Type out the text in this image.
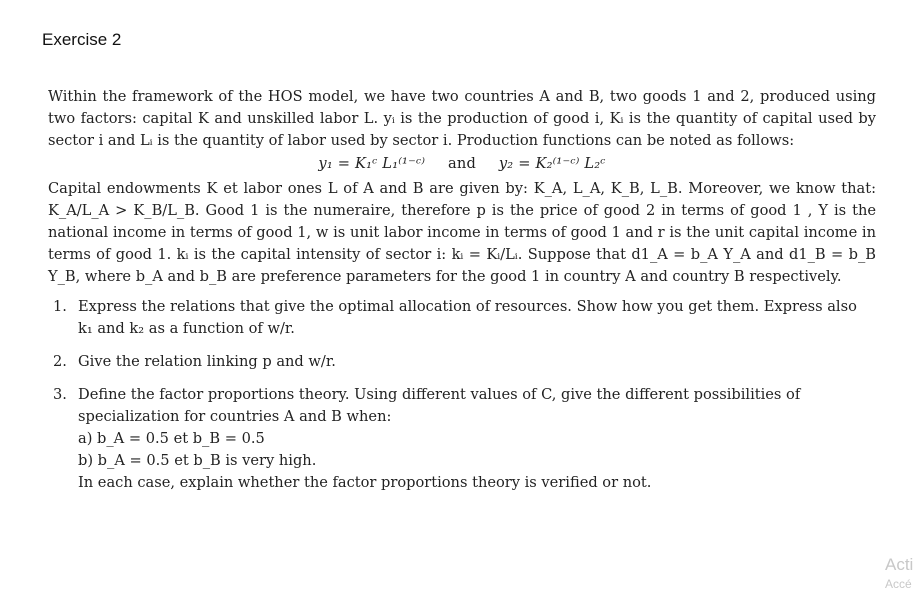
Exercise 2

Within the framework of the HOS model, we have two countries A and B, two goods 1 and 2, produced using two factors: capital K and unskilled labor L. yᵢ is the production of good i, Kᵢ is the quantity of capital used by sector i and Lᵢ is the quantity of labor used by sector i. Production functions can be noted as follows:

y₁ = K₁ᶜ L₁⁽¹⁻ᶜ⁾ and y₂ = K₂⁽¹⁻ᶜ⁾ L₂ᶜ

Capital endowments K et labor ones L of A and B are given by: K_A, L_A, K_B, L_B. Moreover, we know that: K_A/L_A > K_B/L_B. Good 1 is the numeraire, therefore p is the price of good 2 in terms of good 1 , Y is the national income in terms of good 1, w is unit labor income in terms of good 1 and r is the unit capital income in terms of good 1. kᵢ is the capital intensity of sector i: kᵢ = Kᵢ/Lᵢ. Suppose that d1_A = b_A Y_A and d1_B = b_B Y_B, where b_A and b_B are preference parameters for the good 1 in country A and country B respectively.

1. Express the relations that give the optimal allocation of resources. Show how you get them. Express also k₁ and k₂ as a function of w/r.

2. Give the relation linking p and w/r.

3. Define the factor proportions theory. Using different values of C, give the different possibilities of specialization for countries A and B when:

a) b_A = 0.5 et b_B = 0.5

b) b_A = 0.5 et b_B is very high.

In each case, explain whether the factor proportions theory is verified or not.

Acti
Accé
